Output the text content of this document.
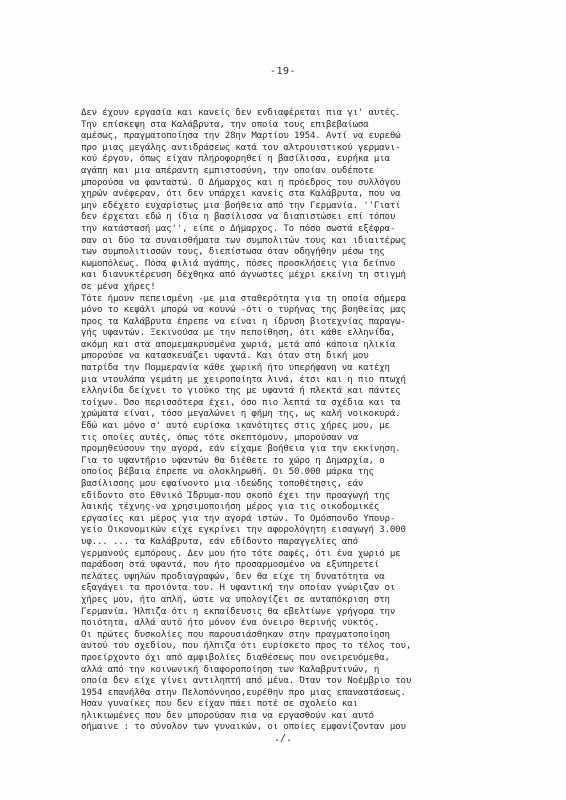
-19-
Δεν έχουν εργασία και κανείς δεν ενδιαφέρεται πια γι' αυτές.
Την επίσκεψη στα Καλάβρυτα, την οποία τους επιβεβαίωσα
αμέσως, πραγματοποίησα την 28ην Μαρτίου 1954. Αντί να ευρεθώ
προ μιας μεγάλης αντιδράσεως κατά του αλτρουιστικού γερμανι-
κού έργου, όπως είχαν πληροφορηθεί η βασίλισσα, ευρήκα μια
αγάπη και μια απέραντη εμπιστοσύνη, την οποίαν ουδέποτε
μπορούσα να φανταστώ. Ο Δήμαρχος και η πρόεδρος του συλλόγου
χηρών ανέφεραν, ότι δεν υπάρχει κανείς στα Καλάβρυτα, που να
μην εδέχετο ευχαρίστως μια βοήθεια από την Γερμανία. ''Γιατί
δεν έρχεται εδώ η ίδια η βασίλισσα να διαπιστώσει επί τόπου
την κατάστασή μας'', είπε ο Δήμαρχος. Το πόσο σωστά εξέφρα-
σαν οι δύο τα συναισθήματα των συμπολιτών τους και ιδιαιτέρως
των συμπολιτισσών τους, διεπίστωσα όταν οδηγήθην μέσω της
κωμοπόλεως. Πόσα φιλιά αγάπης, πόσες προσκλήσεις για δείπνο
και διανυκτέρευση δέχθηκα από άγνωστες μέχρι εκείνη τη στιγμή
σε μένα χήρες!
Τότε ήμουν πεπεισμένη -με μια σταθερότητα για τη οποία σήμερα
μόνο το κεφάλι μπορώ να κουνώ -ότι ο τυρήνας της βοηθείας μας
προς τα Καλάβρυτα έπρεπε να είναι η ίδρυση βιοτεχνίας παραγω-
γής υφαντών. Ξεκινούσα με την πεποίθηση, ότι κάθε ελληνίδα,
ακόμη και στα απομεμακρυσμένα χωριά, μετά από κάποια ηλικία
μπορούσε να κατασκευάζει υφαντά. Και όταν στη δική μου
πατρίδα την Πομμερανία κάθε χωρική ήτο υπερήφανη να κατέχη
μια ντουλάπα γεμάτη με χειροποίητα λινά, έτσι και η πιο πτωχή
ελληνίδα δείχνει το γιούκο της με υφαντά ή πλεκτά και πάντες
τοίχων. Όσο περισσότερα έχει, όσο πιο λεπτά τα σχέδια και τα
χρώματα είναι, τόσο μεγαλώνει η φήμη της, ως καλή νοικοκυρά.
Εδώ και μόνο σ' αυτό ευρίσκα ικανότητες στις χήρες μου, με
τις οποίες αυτές, όπως τότε σκεπτόμουν, μπορούσαν να
προμηθεύσουν την αγορά, εάν είχαμε βοήθεια για την εκκίνηση.
Για το υφαντήριο υφαντών θα διέθετε το χώρο η Δημαρχία, ο
οποίος βέβαια έπρεπε να ολοκληρωθή. Οι 50.000 μάρκα της
βασίλισσης μου εφαίνοντο μια ιδεώδης τοποθέτησις, εάν
εδίδοντο στο Εθνικό Ίδρυμα-που σκοπό έχει την προαγωγή της
λαικής τέχνης-να χρησιμοποιήση μέρος για τις οικοδομικές
εργασίες και μέρος για την αγορά ιστών. Το Ομόσπονδο Υπουρ-
γείο Οικονομικών είχε εγκρίνει την αφορολόγητη εισαγωγή 3.000
υφ... ... τα Καλάβρυτα, εάν εδίδοντο παραγγελίες από
γερμανούς εμπόρους. Δεν μου ήτο τότε σαφές, ότι ένα χωριό με
παράδοση στά υφαντά, που ήτο προσαρμοσμένο να εξυπηρετεί
πελάτες υψηλών προδιαγραφών, δεν θα είχε τη δυνατότητα να
εξαγάγει τα προιόντα του. Η υφαντική την οποίαν γνώριζαν οι
χήρες μου, ήτο απλή, ώστε να υπολογίζει σε ανταπόκριση στη
Γερμανία. Ήλπιζα ότι η εκπαίδευσις θα εβελτίωνε γρήγορα την
ποιότητα, αλλά αυτό ήτο μόνον ένα όνειρο θερινής νυκτός.
Οι πρώτες δυσκολίες που παρουσιάσθηκαν στην πραγματοποίηση
αυτού του σχεδίου, που ήλπιζα ότι ευρίσκετο προς το τέλος του,
προείρχοντο όχι από αμφιβολίες διαθέσεως που ονειρευόμεθα,
αλλά από την κοινωνική διαφοροποίηση των Καλαβρυτινών, η
οποία δεν είχε γίνει αντιληπτή από μένα. Όταν τον Νοέμβριο του
1954 επανήλθα στην Πελοπόννησο,ευρέθην προ μιας επαναστάσεως.
Ήσαν γυναίκες που δεν είχαν πάει ποτέ σε σχολείο και
ηλικιωμένες που δεν μπορούσαν πια να εργασθούν και αυτό
σήμαινε : το σύνολον των γυναικών, οι οποίες εμφανίζονταν μου
./.
